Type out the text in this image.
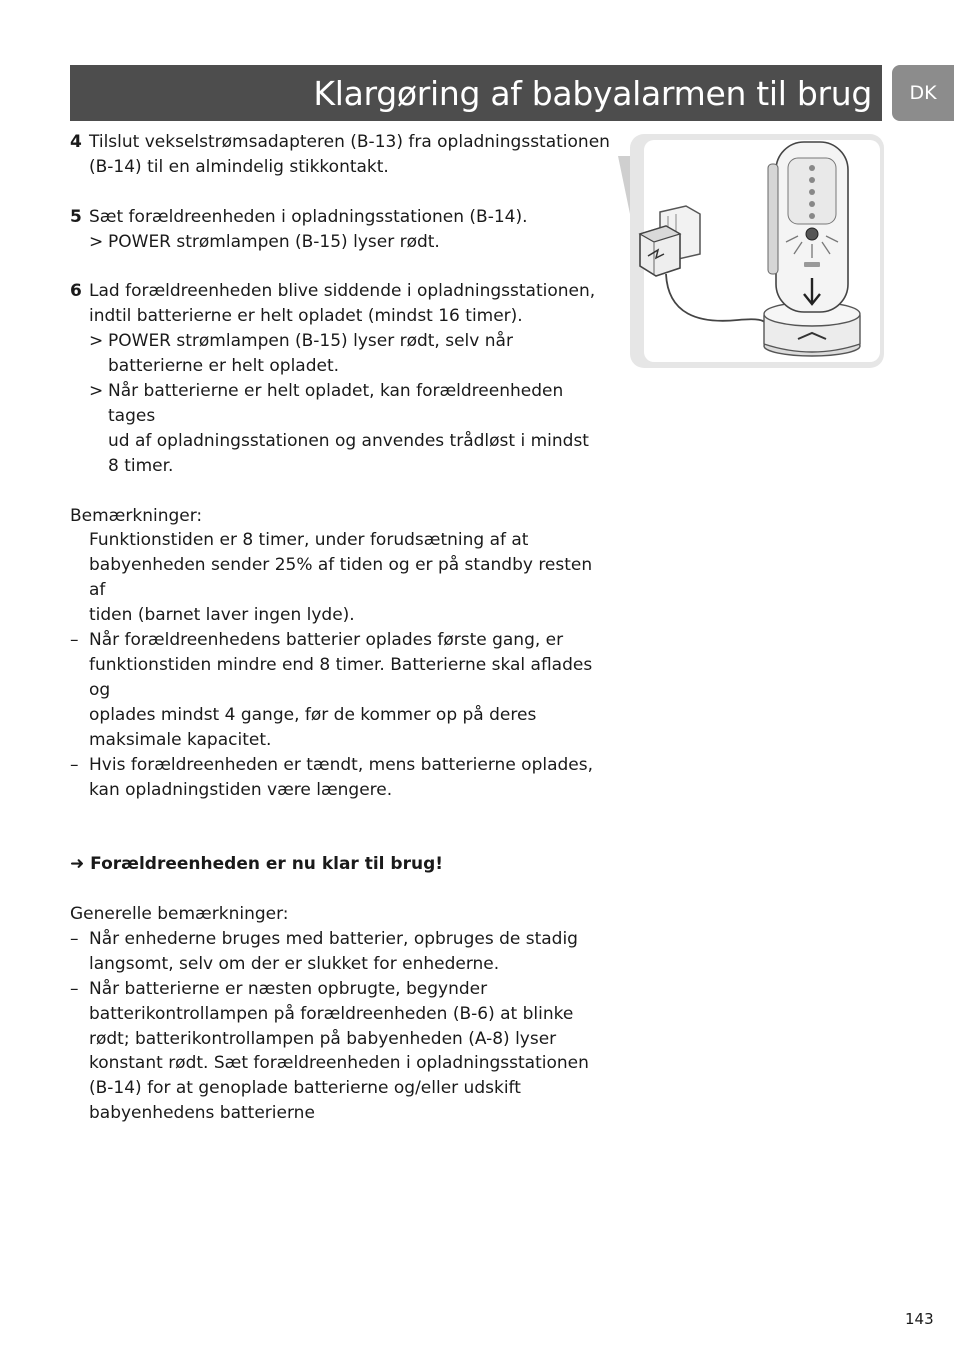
Klargøring af babyalarmen til brug	DK
4 Tilslut vekselstrømsadapteren (B-13) fra opladningsstationen
(B-14) til en almindelig stikkontakt.
5 Sæt forældreenheden i opladningsstationen (B-14).
> POWER strømlampen (B-15) lyser rødt.
6 Lad forældreenheden blive siddende i opladningsstationen,
indtil batterierne er helt opladet (mindst 16 timer).
> POWER strømlampen (B-15) lyser rødt, selv når
batterierne er helt opladet.
> Når batterierne er helt opladet, kan forældreenheden tages
ud af opladningsstationen og anvendes trådløst i mindst
8 timer.
Bemærkninger:
Funktionstiden er 8 timer, under forudsætning af at
babyenheden sender 25% af tiden og er på standby resten af
tiden (barnet laver ingen lyde).
– Når forældreenhedens batterier oplades første gang, er
funktionstiden mindre end 8 timer. Batterierne skal aflades og
oplades mindst 4 gange, før de kommer op på deres
maksimale kapacitet.
– Hvis forældreenheden er tændt, mens batterierne oplades,
kan opladningstiden være længere.
➜ Forældreenheden er nu klar til brug!
Generelle bemærkninger:
– Når enhederne bruges med batterier, opbruges de stadig
langsomt, selv om der er slukket for enhederne.
– Når batterierne er næsten opbrugte, begynder
batterikontrollampen på forældreenheden (B-6) at blinke
rødt; batterikontrollampen på babyenheden (A-8) lyser
konstant rødt. Sæt forældreenheden i opladningsstationen
(B-14) for at genoplade batterierne og/eller udskift
babyenhedens batterierne
143
